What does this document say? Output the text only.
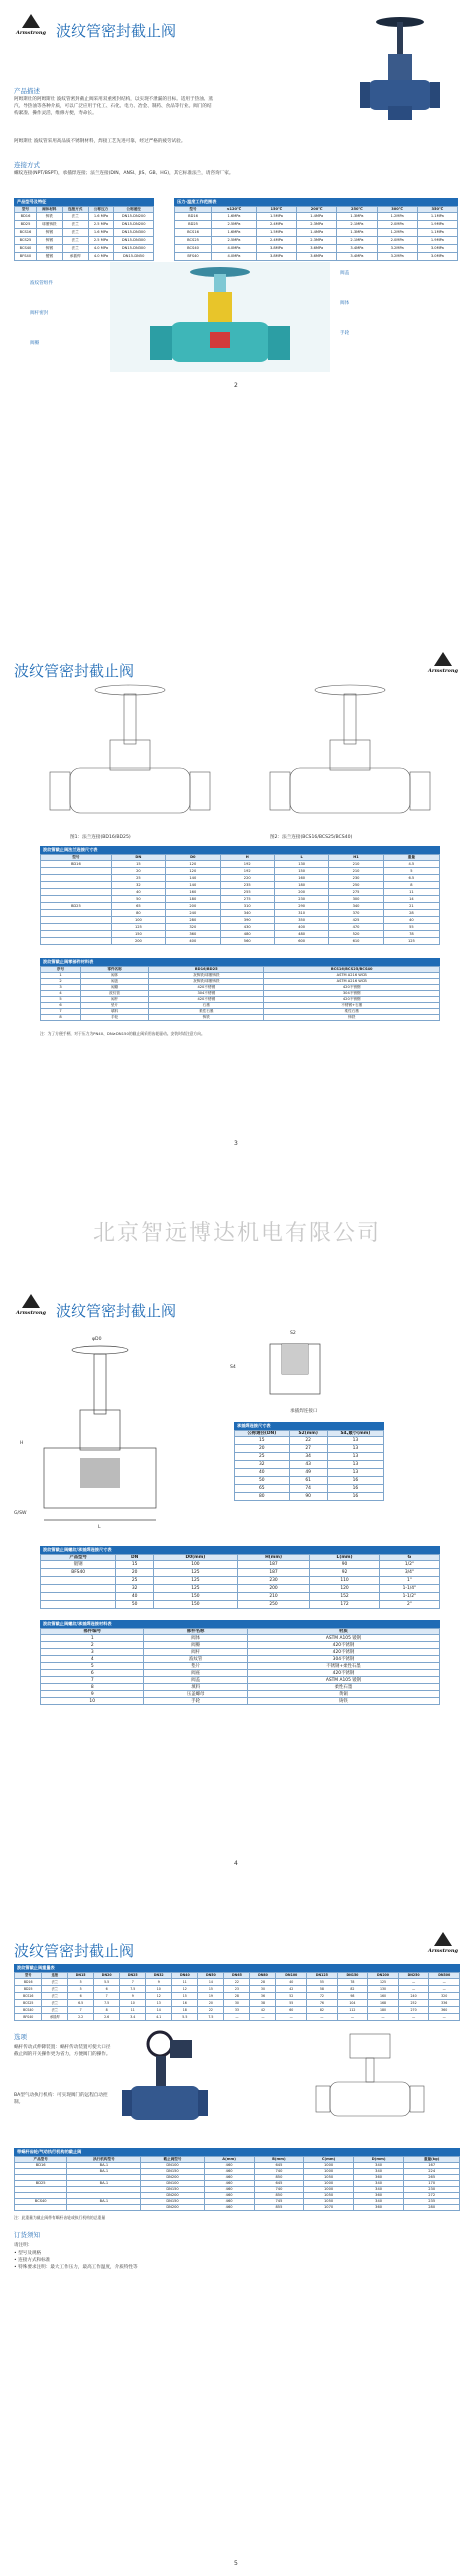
Armstrong 波纹管密封截止阀
产品描述
阿姆斯壮的阿姆斯壮 波纹管密封截止阀采用双重密封结构，以实现不泄漏的目标。适用于热油、蒸汽、导热油等各种介质，可以广泛应用于化工、石化、电力、冶金、制药、食品等行业。阀门的结构紧凑、操作灵活，维修方便，寿命长。
阿姆斯壮 波纹管采用高品质不锈钢材料，焊接工艺先进可靠，经过严格的疲劳试验。
连接方式
螺纹连接(NPT/BSPT)，承插焊连接；法兰连接(DIN、ANSI、JIS、GB、HG)，其它标准法兰，请咨询厂家。
产品型号及特征
型号	阀体材料	连接方式	公称压力	公称通径
BD16	铸铁	法兰	1.6 MPa	DN15-DN200
BD25	球墨铸铁	法兰	2.5 MPa	DN15-DN200
BCS16	铸钢	法兰	1.6 MPa	DN15-DN300
BCS25	铸钢	法兰	2.5 MPa	DN15-DN300
BCS40	铸钢	法兰	4.0 MPa	DN15-DN300
BFS40	锻钢	承插焊	4.0 MPa	DN15-DN50
压力-温度工作范围表
型号	≤120℃	150℃	200℃	250℃	300℃	350℃
BD16	1.6MPa	1.5MPa	1.4MPa	1.3MPa	1.2MPa	1.1MPa
BD25	2.5MPa	2.4MPa	2.3MPa	2.1MPa	2.0MPa	1.9MPa
BCS16	1.6MPa	1.5MPa	1.4MPa	1.3MPa	1.2MPa	1.1MPa
BCS25	2.5MPa	2.4MPa	2.3MPa	2.1MPa	2.0MPa	1.9MPa
BCS40	4.0MPa	3.8MPa	3.6MPa	3.4MPa	3.2MPa	3.0MPa
BFS40	4.0MPa	3.8MPa	3.6MPa	3.4MPa	3.2MPa	3.0MPa
波纹管组件
阀杆密封
阀瓣
阀盖
阀体
手轮
2
波纹管密封截止阀	Armstrong
图1：法兰连接(BD16/BD25)	图2：法兰连接(BCS16/BCS25/BCS40)
波纹管截止阀法兰连接尺寸表
型号	DN	D0	H	L	H1	重量
BD16	15	120	192	130	210	4.5
	20	120	192	150	210	5
	25	140	220	160	230	6.5
	32	140	235	180	250	8
	40	160	255	200	275	11
	50	180	275	230	300	14
BD25	65	200	310	290	340	21
	80	240	340	310	370	28
	100	280	390	350	425	40
	125	320	430	400	470	55
	150	360	480	480	520	78
	200	400	560	600	610	125
波纹管截止阀零部件材料表
序号	零件名称	BD16/BD25	BCS16/BCS25/BCS40
1	阀体	灰铸铁/球墨铸铁	ASTM A216 WCB
2	阀盖	灰铸铁/球墨铸铁	ASTM A216 WCB
3	阀瓣	420不锈钢	420不锈钢
4	波纹管	304不锈钢	304不锈钢
5	阀杆	420不锈钢	420不锈钢
6	垫片	石墨	不锈钢+石墨
7	填料	柔性石墨	柔性石墨
8	手轮	铸铁	铸铁
注：为了方便手柄，对于压力为PN40、DN≥DN150的截止阀采用齿轮驱动。安装时请注意方向。
3
北京智远博达机电有限公司
Armstrong 波纹管密封截止阀
φD0
H
L
G/SW
S2
S4
承插焊连接口
承插焊连接尺寸表
公称通径(DN)	S2(mm)	S4,最小(mm)
15	22	13
20	27	13
25	34	13
32	43	13
40	49	13
50	61	16
65	74	16
80	90	16
波纹管截止阀螺纹/承插焊连接尺寸表
产品型号	DN	D0(mm)	H(mm)	L(mm)	G
锻钢	15	100	187	90	1/2"
BFS40	20	125	187	92	3/4"
	25	125	230	110	1"
	32	125	200	120	1-1/4"
	40	150	210	152	1-1/2"
	50	150	250	172	2"
波纹管截止阀螺纹/承插焊连接材料表
部件编号	部件名称	材质
1	阀体	ASTM A105 锻钢
2	阀瓣	420不锈钢
3	阀杆	420不锈钢
4	波纹管	304不锈钢
5	垫片	不锈钢+柔性石墨
6	阀座	420不锈钢
7	阀盖	ASTM A105 锻钢
8	填料	柔性石墨
9	压盖螺母	黄铜
10	手轮	铸铁
4
波纹管密封截止阀	Armstrong
波纹管截止阀重量表
型号	连接	DN15	DN20	DN25	DN32	DN40	DN50	DN65	DN80	DN100	DN125	DN150	DN200	DN250	DN300
BD16	法兰	5	5.5	7	9	11	14	22	28	40	55	78	125	—	—
BD25	法兰	5	6	7.5	10	12	15	23	30	42	58	82	130	—	—
BCS16	法兰	6	7	9	12	15	19	28	36	52	72	98	160	240	320
BCS25	法兰	6.5	7.5	10	13	16	20	30	38	55	76	104	168	252	336
BCS40	法兰	7	8	11	14	18	22	33	42	60	82	112	180	270	360
BFS40	承插焊	2.2	2.6	3.4	4.1	5.5	7.5	—	—	—	—	—	—	—	—
选项
蜗杆传动式伸降装置：蜗杆传动装置可使大口径截止阀的开关操作更为省力，方便阀门的操作。
BA型气动执行机构：可实现阀门的远程自动控制。
带蜗杆齿轮/气动执行机构的截止阀
产品型号	执行机构型号	截止阀型号	A(mm)	B(mm)	C(mm)	D(mm)	重量(kg)
BD16	BA-1	DN100	460	645	1000	340	167
	BA-1	DN150	460	740	1000	340	224
		DN200	460	850	1050	360	265
BD25	BA-1	DN100	460	645	1000	340	170
		DN150	460	740	1000	340	230
		DN200	460	850	1050	360	272
BCS40	BA-1	DN150	460	745	1050	340	235
		DN200	460	855	1070	360	280
注：此重量为截止阀带有蜗杆齿轮或执行机构的总重量
订货须知
请注明：
• 型号及规格
• 连接方式和标准
• 特殊要求注明：最大工作压力，最高工作温度，介质特性等
5
